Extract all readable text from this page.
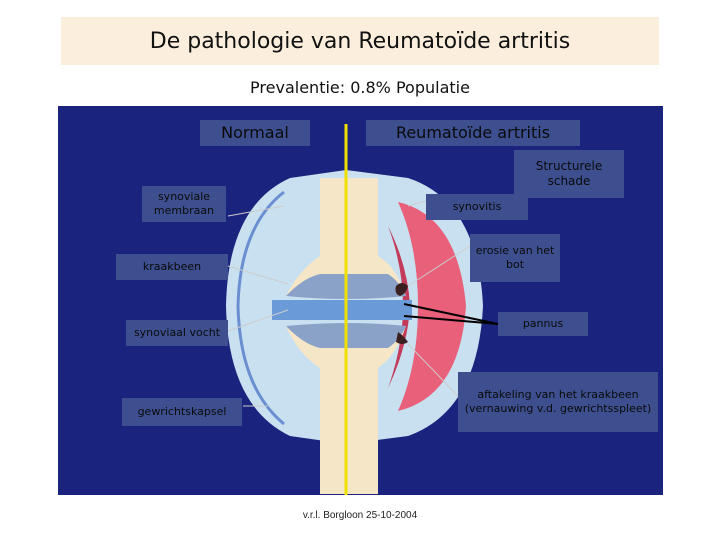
De pathologie van Reumatoïde artritis
Prevalentie: 0.8% Populatie
Normaal	Reumatoïde artritis
synoviale membraan
kraakbeen
synoviaal vocht
gewrichtskapsel
Structurele schade
synovitis
erosie van het bot
pannus
aftakeling van het kraakbeen (vernauwing v.d. gewrichtsspleet)
v.r.l. Borgloon 25-10-2004
